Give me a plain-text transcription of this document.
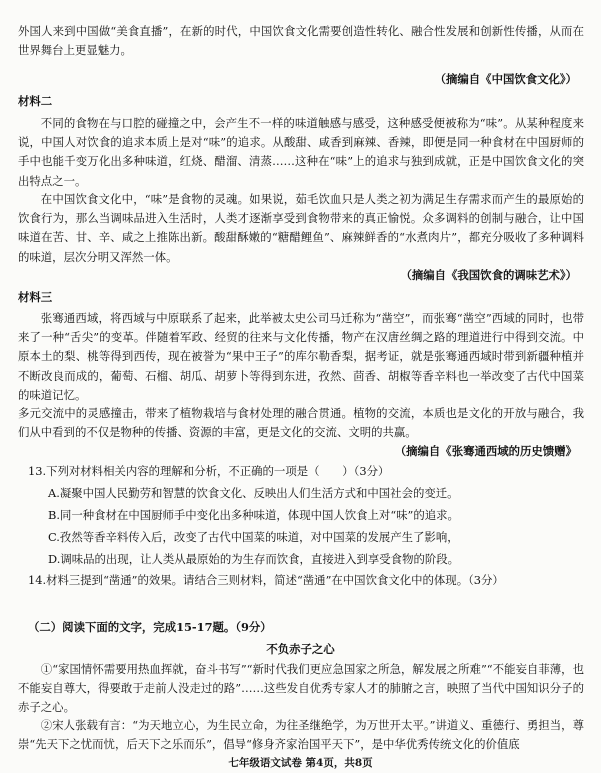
外国人来到中国做“美食直播”，在新的时代，中国饮食文化需要创造性转化、融合性发展和创新性传播，从而在世界舞台上更显魅力。

（摘编自《中国饮食文化》）

材料二

不同的食物在与口腔的碰撞之中，会产生不一样的味道触感与感受，这种感受便被称为“味”。从某种程度来说，中国人对饮食的追求本质上是对“味”的追求。从酸甜、咸香到麻辣、香辣，即便是同一种食材在中国厨师的手中也能千变万化出多种味道，红烧、醋溜、清蒸……这种在“味”上的追求与独到成就，正是中国饮食文化的突出特点之一。

在中国饮食文化中，“味”是食物的灵魂。如果说，茹毛饮血只是人类之初为满足生存需求而产生的最原始的饮食行为，那么当调味品进入生活时，人类才逐渐享受到食物带来的真正愉悦。众多调料的创制与融合，让中国味道在苦、甘、辛、咸之上推陈出新。酸甜酥嫩的“糖醋鲤鱼”、麻辣鲜香的“水煮肉片”，都充分吸收了多种调料的味道，层次分明又浑然一体。

（摘编自《我国饮食的调味艺术》）

材料三

张骞通西域，将西域与中原联系了起来，此举被太史公司马迁称为“凿空”，而张骞“凿空”西域的同时，也带来了一种“舌尖”的变革。伴随着军政、经贸的往来与文化传播，物产在汉唐丝绸之路的理道进行中得到交流。中原本土的梨、桃等得到西传，现在被誉为“果中王子”的库尔勒香梨，据考证，就是张骞通西域时带到新疆种植并不断改良而成的，葡萄、石榴、胡瓜、胡萝卜等得到东进，孜然、茴香、胡椒等香辛料也一举改变了古代中国菜的味道记忆。

多元交流中的灵感撞击，带来了植物栽培与食材处理的融合贯通。植物的交流，本质也是文化的开放与融合，我们从中看到的不仅是物种的传播、资源的丰富，更是文化的交流、文明的共赢。

（摘编自《张骞通西域的历史馈赠》

13.下列对材料相关内容的理解和分析，不正确的一项是（　　）（3分）

A.凝聚中国人民勤劳和智慧的饮食文化、反映出人们生活方式和中国社会的变迁。

B.同一种食材在中国厨师手中变化出多种味道，体现中国人饮食上对“味”的追求。

C.孜然等香辛料传入后，改变了古代中国菜的味道，对中国菜的发展产生了影响，

D.调味品的出现，让人类从最原始的为生存而饮食，直接进入到享受食物的阶段。

14.材料三提到“凿通”的效果。请结合三则材料，简述“凿通”在中国饮食文化中的体现。（3分）

（二）阅读下面的文字，完成15-17题。（9分）

不负赤子之心

①“家国情怀需要用热血挥就，奋斗书写”“新时代我们更应急国家之所急，解发展之所难”“不能妄自菲薄，也不能妄自尊大，得要敢于走前人没走过的路”……这些发自优秀专家人才的肺腑之言，映照了当代中国知识分子的赤子之心。

②宋人张载有言：“为天地立心，为生民立命，为往圣继绝学，为万世开太平。”讲道义、重德行、勇担当，尊崇“先天下之忧而忧，后天下之乐而乐”，倡导“修身齐家治国平天下”，是中华优秀传统文化的价值底

七年级语文试卷 第4页，共8页
